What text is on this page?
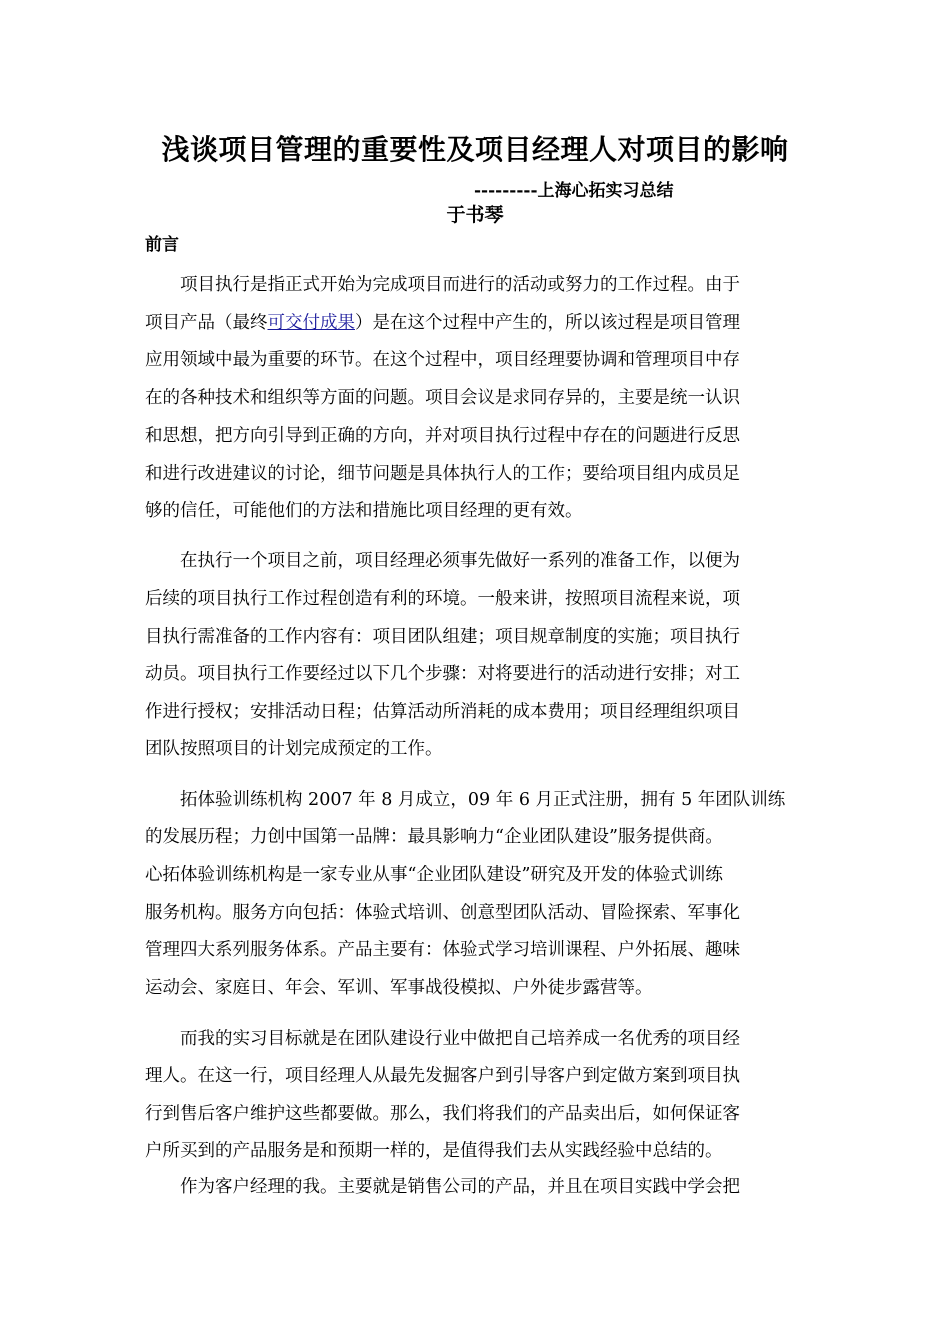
浅谈项目管理的重要性及项目经理人对项目的影响
---------上海心拓实习总结
于书琴
前言
项目执行是指正式开始为完成项目而进行的活动或努力的工作过程。由于
项目产品（最终可交付成果）是在这个过程中产生的，所以该过程是项目管理
应用领域中最为重要的环节。在这个过程中，项目经理要协调和管理项目中存
在的各种技术和组织等方面的问题。项目会议是求同存异的，主要是统一认识
和思想，把方向引导到正确的方向，并对项目执行过程中存在的问题进行反思
和进行改进建议的讨论，细节问题是具体执行人的工作；要给项目组内成员足
够的信任，可能他们的方法和措施比项目经理的更有效。
在执行一个项目之前，项目经理必须事先做好一系列的准备工作，以便为
后续的项目执行工作过程创造有利的环境。一般来讲，按照项目流程来说，项
目执行需准备的工作内容有：项目团队组建；项目规章制度的实施；项目执行
动员。项目执行工作要经过以下几个步骤：对将要进行的活动进行安排；对工
作进行授权；安排活动日程；估算活动所消耗的成本费用；项目经理组织项目
团队按照项目的计划完成预定的工作。
拓体验训练机构 2007 年 8 月成立，09 年 6 月正式注册，拥有 5 年团队训练
的发展历程；力创中国第一品牌：最具影响力“企业团队建设”服务提供商。
心拓体验训练机构是一家专业从事“企业团队建设”研究及开发的体验式训练
服务机构。服务方向包括：体验式培训、创意型团队活动、冒险探索、军事化
管理四大系列服务体系。产品主要有：体验式学习培训课程、户外拓展、趣味
运动会、家庭日、年会、军训、军事战役模拟、户外徒步露营等。
而我的实习目标就是在团队建设行业中做把自己培养成一名优秀的项目经
理人。在这一行，项目经理人从最先发掘客户到引导客户到定做方案到项目执
行到售后客户维护这些都要做。那么，我们将我们的产品卖出后，如何保证客
户所买到的产品服务是和预期一样的，是值得我们去从实践经验中总结的。
作为客户经理的我。主要就是销售公司的产品，并且在项目实践中学会把
